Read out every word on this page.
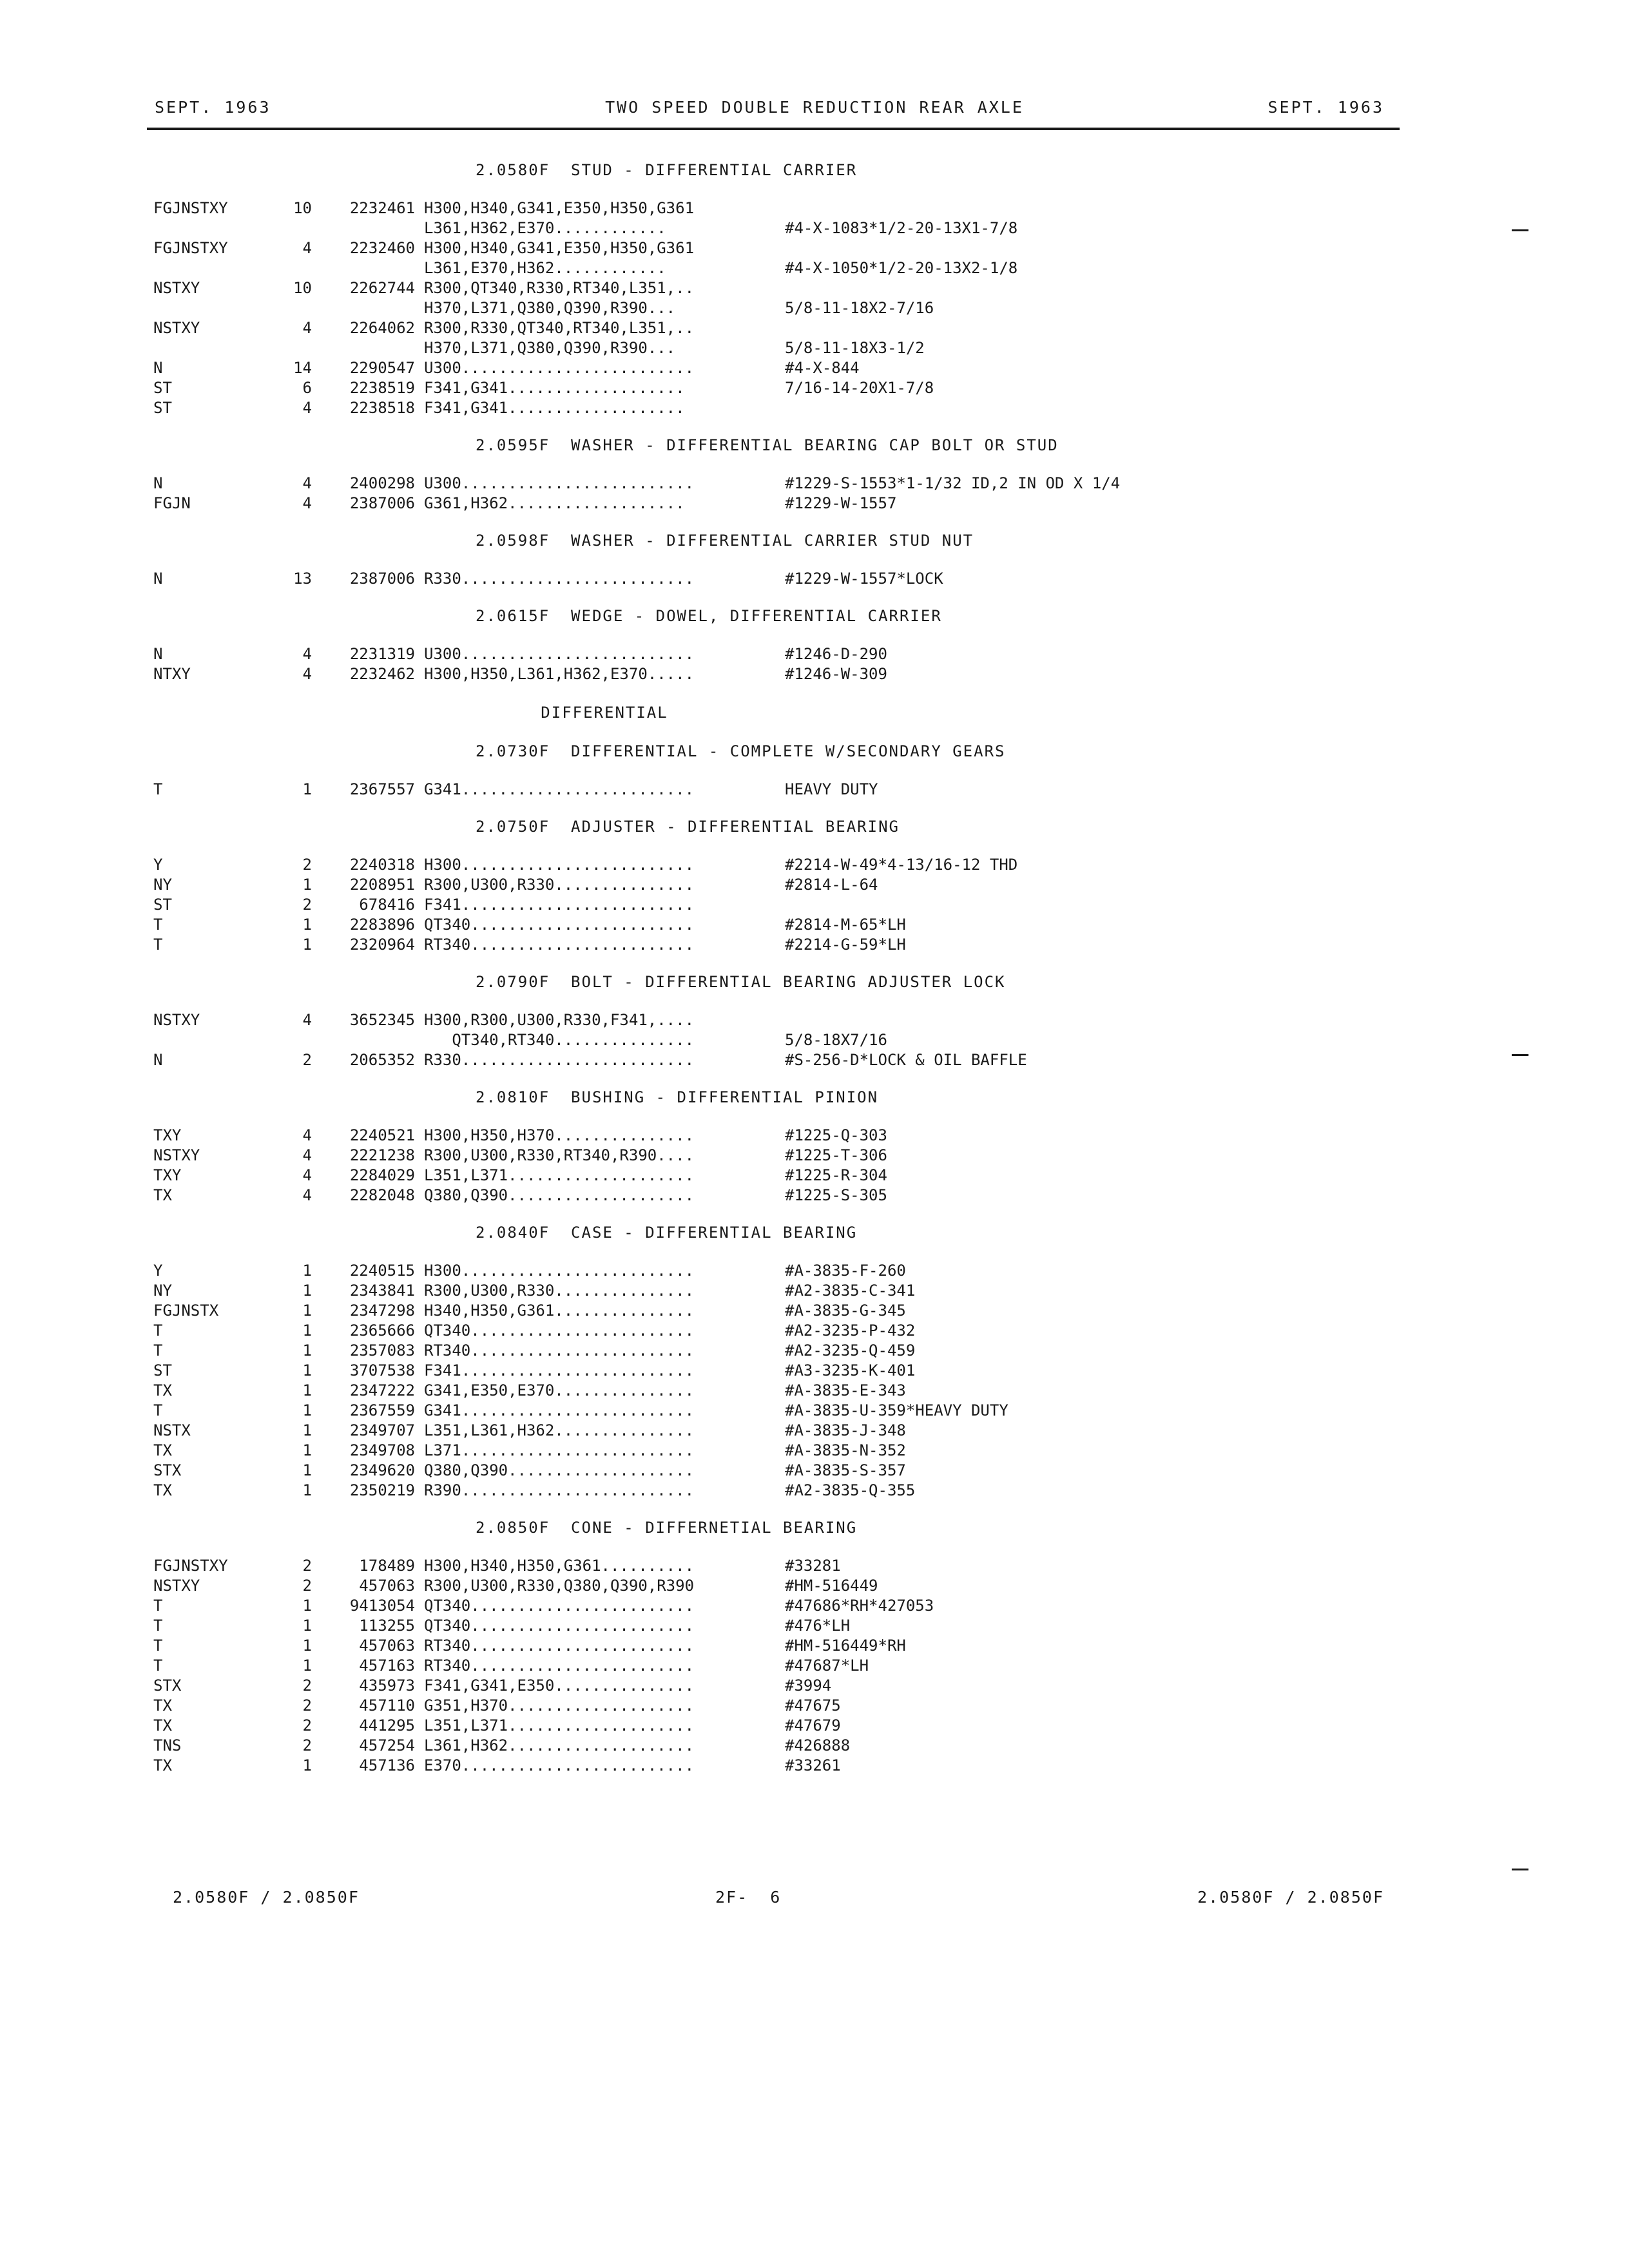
SEPT. 1963	TWO SPEED DOUBLE REDUCTION REAR AXLE	SEPT. 1963
2.0580F  STUD - DIFFERENTIAL CARRIER
FGJNSTXY	10	2232461 H300,H340,G341,E350,H350,G361
L361,H362,E370............	#4-X-1083*1/2-20-13X1-7/8
FGJNSTXY	4	2232460 H300,H340,G341,E350,H350,G361
L361,E370,H362............	#4-X-1050*1/2-20-13X2-1/8
NSTXY	10	2262744 R300,QT340,R330,RT340,L351,..
H370,L371,Q380,Q390,R390...	5/8-11-18X2-7/16
NSTXY	4	2264062 R300,R330,QT340,RT340,L351,..
H370,L371,Q380,Q390,R390...	5/8-11-18X3-1/2
N	14	2290547 U300.........................	#4-X-844
ST	6	2238519 F341,G341...................	7/16-14-20X1-7/8
ST	4	2238518 F341,G341...................
2.0595F  WASHER - DIFFERENTIAL BEARING CAP BOLT OR STUD
N	4	2400298 U300.........................	#1229-S-1553*1-1/32 ID,2 IN OD X 1/4
FGJN	4	2387006 G361,H362...................	#1229-W-1557
2.0598F  WASHER - DIFFERENTIAL CARRIER STUD NUT
N	13	2387006 R330.........................	#1229-W-1557*LOCK
2.0615F  WEDGE - DOWEL, DIFFERENTIAL CARRIER
N	4	2231319 U300.........................	#1246-D-290
NTXY	4	2232462 H300,H350,L361,H362,E370.....	#1246-W-309
DIFFERENTIAL
2.0730F  DIFFERENTIAL - COMPLETE W/SECONDARY GEARS
T	1	2367557 G341.........................	HEAVY DUTY
2.0750F  ADJUSTER - DIFFERENTIAL BEARING
Y	2	2240318 H300.........................	#2214-W-49*4-13/16-12 THD
NY	1	2208951 R300,U300,R330...............	#2814-L-64
ST	2	678416 F341.........................
T	1	2283896 QT340........................	#2814-M-65*LH
T	1	2320964 RT340........................	#2214-G-59*LH
2.0790F  BOLT - DIFFERENTIAL BEARING ADJUSTER LOCK
NSTXY	4	3652345 H300,R300,U300,R330,F341,....
QT340,RT340...............	5/8-18X7/16
N	2	2065352 R330.........................	#S-256-D*LOCK & OIL BAFFLE
2.0810F  BUSHING - DIFFERENTIAL PINION
TXY	4	2240521 H300,H350,H370...............	#1225-Q-303
NSTXY	4	2221238 R300,U300,R330,RT340,R390....	#1225-T-306
TXY	4	2284029 L351,L371....................	#1225-R-304
TX	4	2282048 Q380,Q390....................	#1225-S-305
2.0840F  CASE - DIFFERENTIAL BEARING
Y	1	2240515 H300.........................	#A-3835-F-260
NY	1	2343841 R300,U300,R330...............	#A2-3835-C-341
FGJNSTX	1	2347298 H340,H350,G361...............	#A-3835-G-345
T	1	2365666 QT340........................	#A2-3235-P-432
T	1	2357083 RT340........................	#A2-3235-Q-459
ST	1	3707538 F341.........................	#A3-3235-K-401
TX	1	2347222 G341,E350,E370...............	#A-3835-E-343
T	1	2367559 G341.........................	#A-3835-U-359*HEAVY DUTY
NSTX	1	2349707 L351,L361,H362...............	#A-3835-J-348
TX	1	2349708 L371.........................	#A-3835-N-352
STX	1	2349620 Q380,Q390....................	#A-3835-S-357
TX	1	2350219 R390.........................	#A2-3835-Q-355
2.0850F  CONE - DIFFERNETIAL BEARING
FGJNSTXY	2	178489 H300,H340,H350,G361..........	#33281
NSTXY	2	457063 R300,U300,R330,Q380,Q390,R390	#HM-516449
T	1	9413054 QT340........................	#47686*RH*427053
T	1	113255 QT340........................	#476*LH
T	1	457063 RT340........................	#HM-516449*RH
T	1	457163 RT340........................	#47687*LH
STX	2	435973 F341,G341,E350...............	#3994
TX	2	457110 G351,H370....................	#47675
TX	2	441295 L351,L371....................	#47679
TNS	2	457254 L361,H362....................	#426888
TX	1	457136 E370.........................	#33261
2.0580F / 2.0850F	2F-  6	2.0580F / 2.0850F
